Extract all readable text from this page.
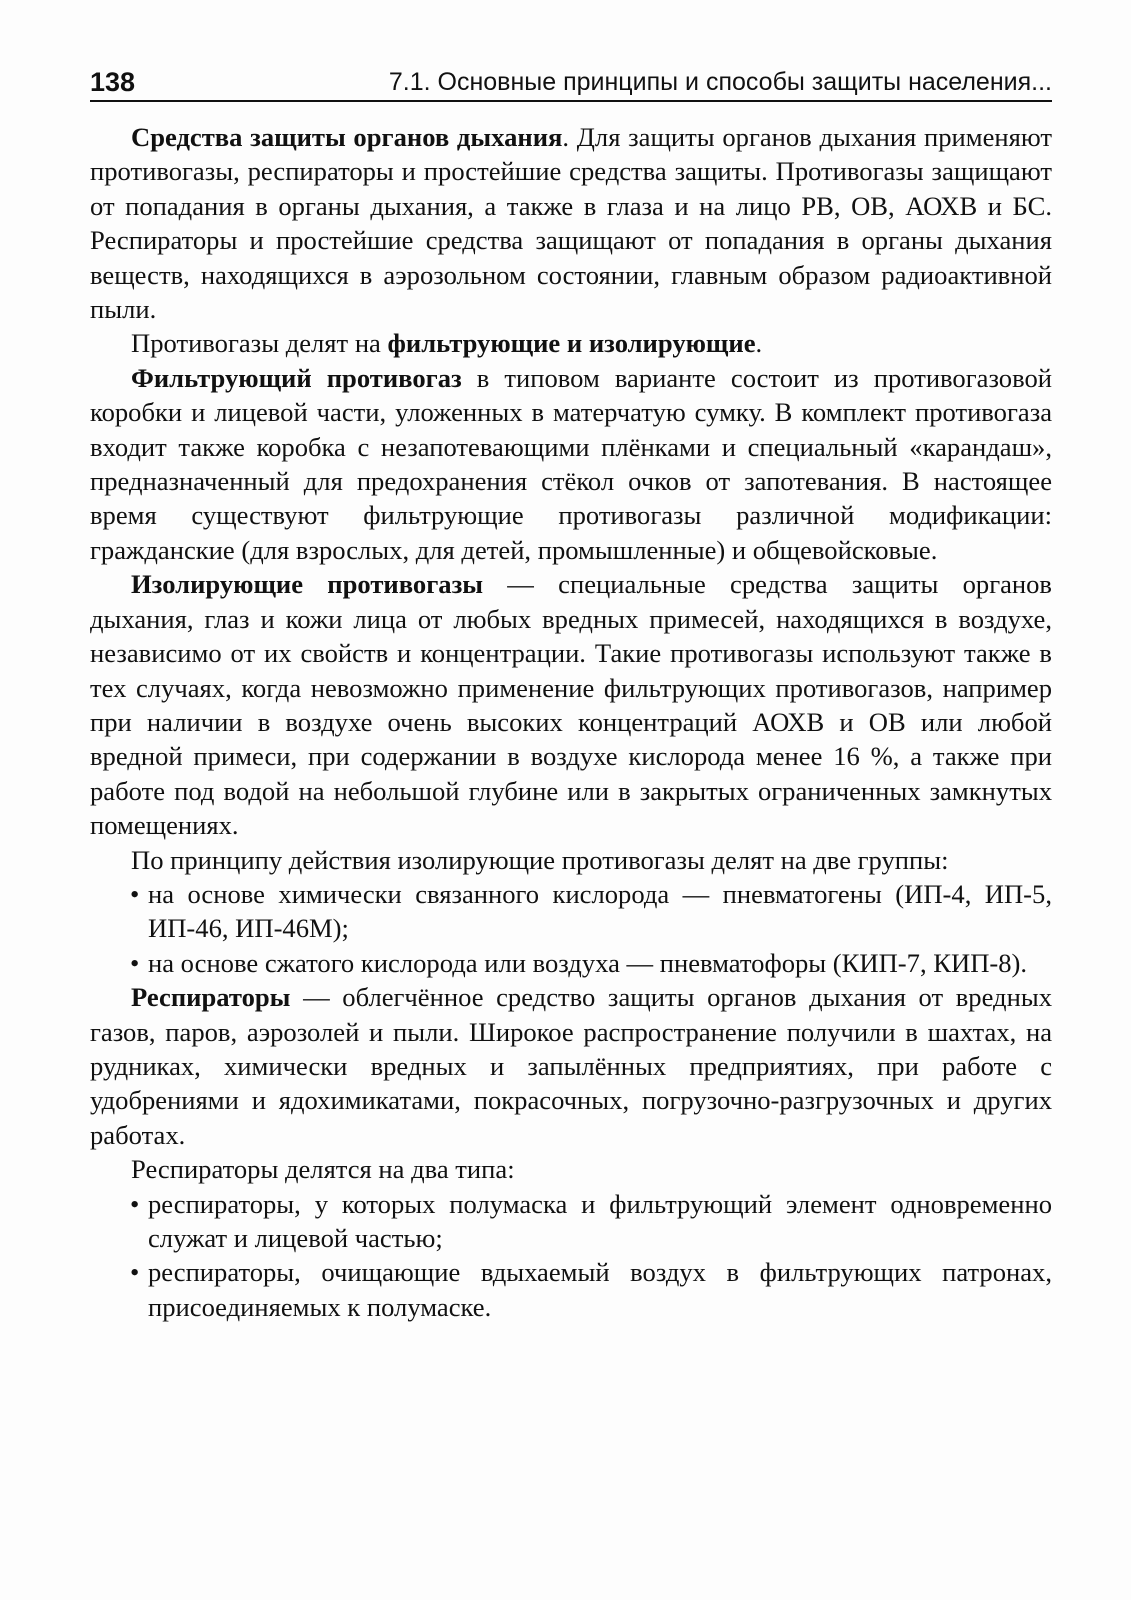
138	7.1. Основные принципы и способы защиты населения...

Средства защиты органов дыхания. Для защиты органов дыхания применяют противогазы, респираторы и простейшие средства защиты. Противогазы защищают от попадания в органы дыхания, а также в глаза и на лицо РВ, ОВ, АОХВ и БС. Респираторы и простейшие средства защищают от попадания в органы дыхания веществ, находящихся в аэрозольном состоянии, главным образом радиоактивной пыли.

Противогазы делят на фильтрующие и изолирующие.

Фильтрующий противогаз в типовом варианте состоит из противогазовой коробки и лицевой части, уложенных в матерчатую сумку. В комплект противогаза входит также коробка с незапотевающими плёнками и специальный «карандаш», предназначенный для предохранения стёкол очков от запотевания. В настоящее время существуют фильтрующие противогазы различной модификации: гражданские (для взрослых, для детей, промышленные) и общевойсковые.

Изолирующие противогазы — специальные средства защиты органов дыхания, глаз и кожи лица от любых вредных примесей, находящихся в воздухе, независимо от их свойств и концентрации. Такие противогазы используют также в тех случаях, когда невозможно применение фильтрующих противогазов, например при наличии в воздухе очень высоких концентраций АОХВ и ОВ или любой вредной примеси, при содержании в воздухе кислорода менее 16 %, а также при работе под водой на небольшой глубине или в закрытых ограниченных замкнутых помещениях.

По принципу действия изолирующие противогазы делят на две группы:

• на основе химически связанного кислорода — пневматогены (ИП-4, ИП-5, ИП-46, ИП-46М);
• на основе сжатого кислорода или воздуха — пневматофоры (КИП-7, КИП-8).

Респираторы — облегчённое средство защиты органов дыхания от вредных газов, паров, аэрозолей и пыли. Широкое распространение получили в шахтах, на рудниках, химически вредных и запылённых предприятиях, при работе с удобрениями и ядохимикатами, покрасочных, погрузочно-разгрузочных и других работах.

Респираторы делятся на два типа:

• респираторы, у которых полумаска и фильтрующий элемент одновременно служат и лицевой частью;
• респираторы, очищающие вдыхаемый воздух в фильтрующих патронах, присоединяемых к полумаске.
